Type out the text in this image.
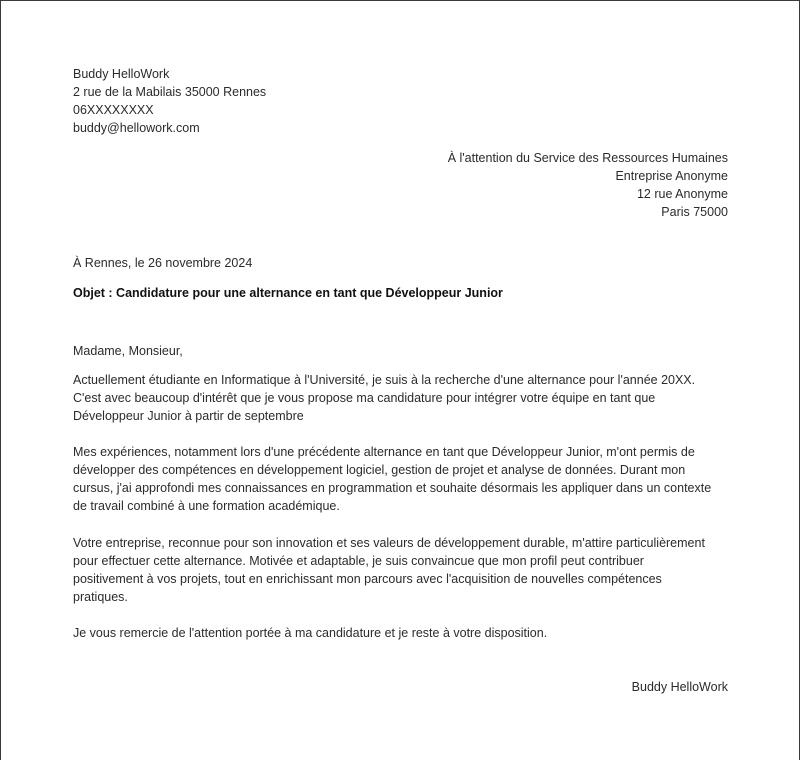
Buddy HelloWork
2 rue de la Mabilais 35000 Rennes
06XXXXXXXX
buddy@hellowork.com
À l'attention du Service des Ressources Humaines
Entreprise Anonyme
12 rue Anonyme
Paris 75000
À Rennes, le 26 novembre 2024
Objet : Candidature pour une alternance en tant que Développeur Junior
Madame, Monsieur,
Actuellement étudiante en Informatique à l'Université, je suis à la recherche d'une alternance pour l'année 20XX.
C'est avec beaucoup d'intérêt que je vous propose ma candidature pour intégrer votre équipe en tant que
Développeur Junior à partir de septembre
Mes expériences, notamment lors d'une précédente alternance en tant que Développeur Junior, m'ont permis de
développer des compétences en développement logiciel, gestion de projet et analyse de données. Durant mon
cursus, j'ai approfondi mes connaissances en programmation et souhaite désormais les appliquer dans un contexte
de travail combiné à une formation académique.
Votre entreprise, reconnue pour son innovation et ses valeurs de développement durable, m'attire particulièrement
pour effectuer cette alternance. Motivée et adaptable, je suis convaincue que mon profil peut contribuer
positivement à vos projets, tout en enrichissant mon parcours avec l'acquisition de nouvelles compétences
pratiques.
Je vous remercie de l'attention portée à ma candidature et je reste à votre disposition.
Buddy HelloWork
